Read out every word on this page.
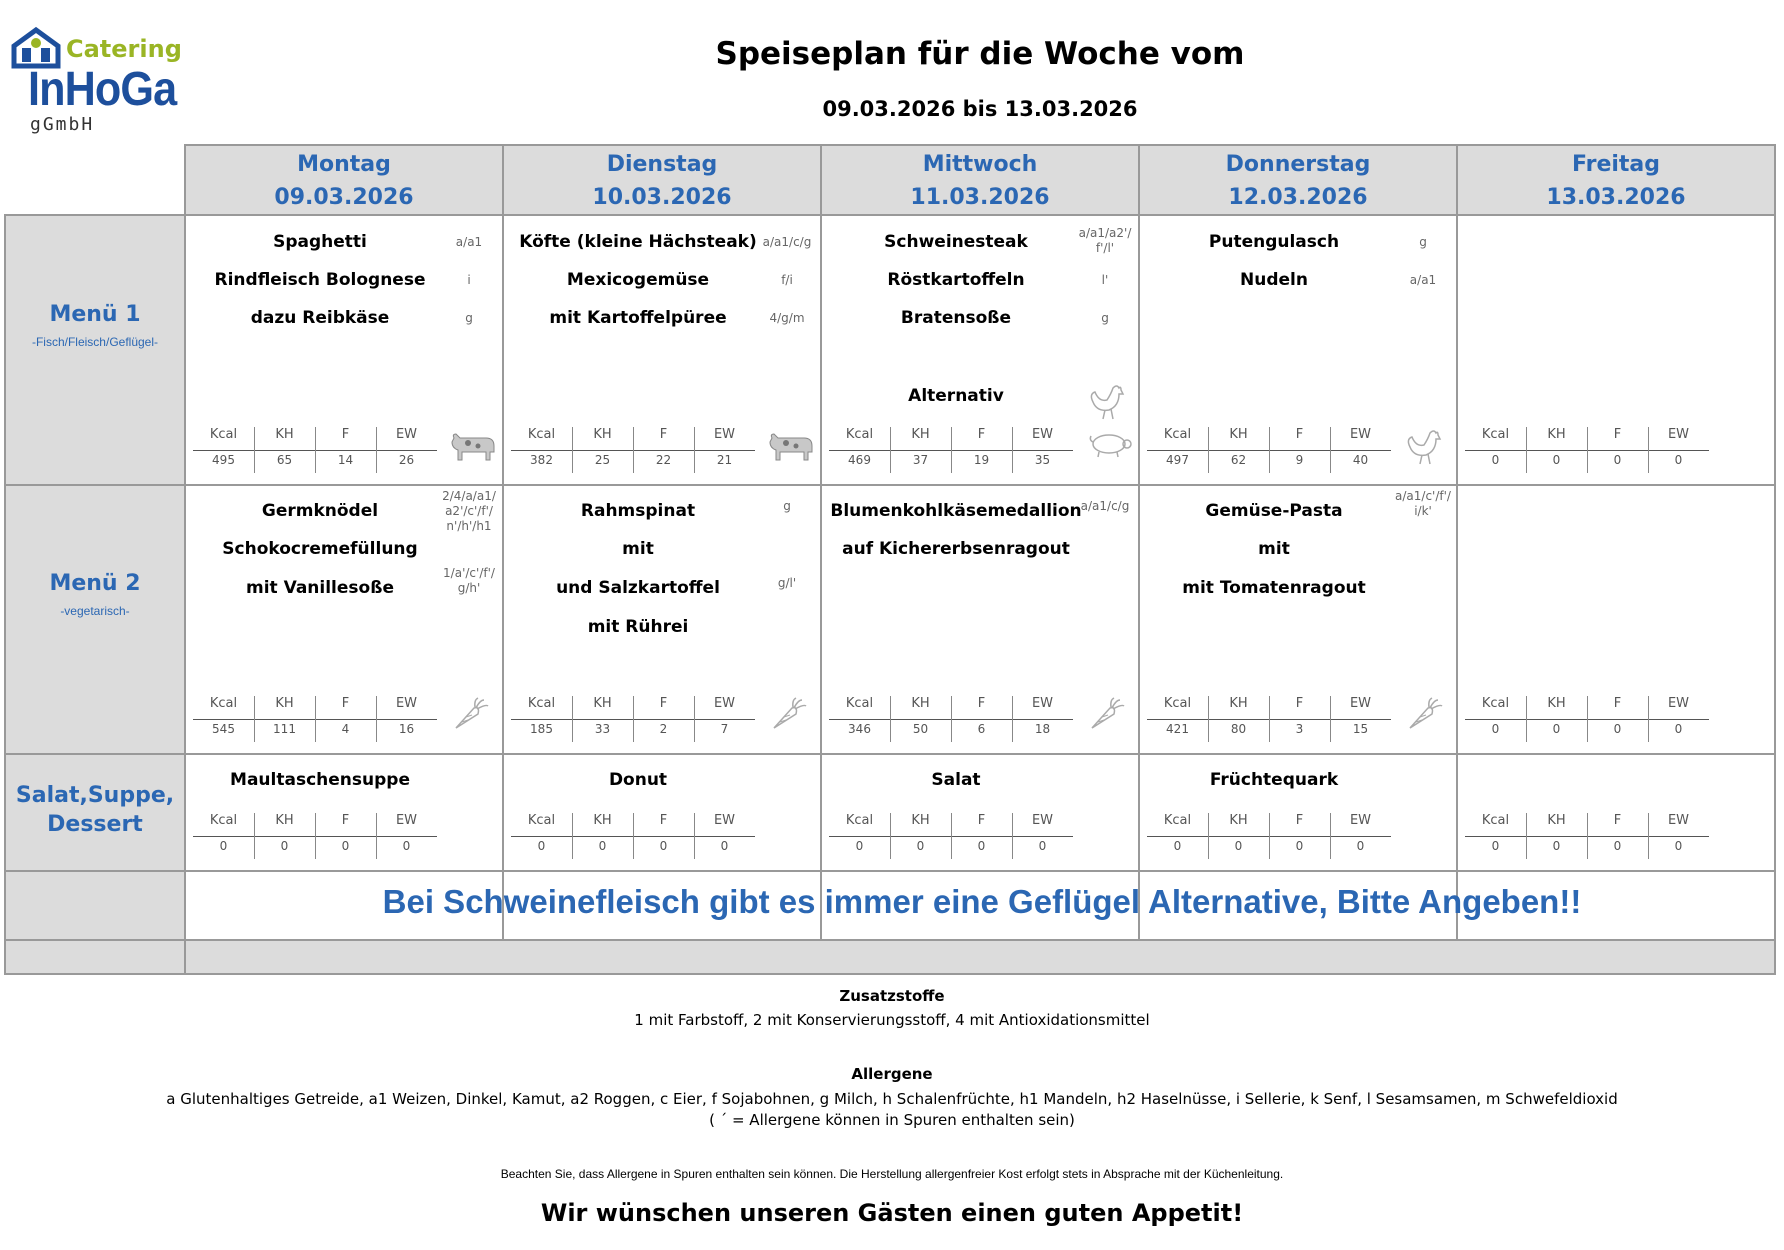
Catering
InHoGa
gGmbH
Speiseplan für die Woche vom
09.03.2026 bis 13.03.2026
Montag
09.03.2026
Dienstag
10.03.2026
Mittwoch
11.03.2026
Donnerstag
12.03.2026
Freitag
13.03.2026
Menü 1
-Fisch/Fleisch/Geflügel-
Menü 2
-vegetarisch-
Salat,Suppe,
Dessert
Spaghetti
Rindfleisch Bolognese
dazu Reibkäse
a/a1
i
g
Kcal
495
KH
65
F
14
EW
26
Köfte (kleine Hächsteak)
Mexicogemüse
mit Kartoffelpüree
a/a1/c/g
f/i
4/g/m
Kcal
382
KH
25
F
22
EW
21
Schweinesteak
Röstkartoffeln
Bratensoße
a/a1/a2'/f'/l'
l'
g
Alternativ
Kcal
469
KH
37
F
19
EW
35
Putengulasch
Nudeln
g
a/a1
Kcal
497
KH
62
F
9
EW
40
Kcal
0
KH
0
F
0
EW
0
Germknödel
Schokocremefüllung
mit Vanillesoße
2/4/a/a1/a2'/c'/f'/n'/h'/h1
1/a'/c'/f'/g/h'
Kcal
545
KH
111
F
4
EW
16
Rahmspinat
mit
und Salzkartoffel
mit Rührei
g
g/l'
Kcal
185
KH
33
F
2
EW
7
Blumenkohlkäsemedallion
auf Kichererbsenragout
a/a1/c/g
Kcal
346
KH
50
F
6
EW
18
Gemüse-Pasta
mit
mit Tomatenragout
a/a1/c'/f'/i/k'
Kcal
421
KH
80
F
3
EW
15
Kcal
0
KH
0
F
0
EW
0
Maultaschensuppe
Kcal
0
KH
0
F
0
EW
0
Donut
Kcal
0
KH
0
F
0
EW
0
Salat
Kcal
0
KH
0
F
0
EW
0
Früchtequark
Kcal
0
KH
0
F
0
EW
0
Kcal
0
KH
0
F
0
EW
0
Bei Schweinefleisch gibt es immer eine Geflügel Alternative, Bitte Angeben!!
Zusatzstoffe
1 mit Farbstoff, 2 mit Konservierungsstoff, 4 mit Antioxidationsmittel
Allergene
a Glutenhaltiges Getreide, a1 Weizen, Dinkel, Kamut, a2 Roggen, c Eier, f Sojabohnen, g Milch, h Schalenfrüchte, h1 Mandeln, h2 Haselnüsse, i Sellerie, k Senf, l Sesamsamen, m Schwefeldioxid
( ´ = Allergene können in Spuren enthalten sein)
Beachten Sie, dass Allergene in Spuren enthalten sein können. Die Herstellung allergenfreier Kost erfolgt stets in Absprache mit der Küchenleitung.
Wir wünschen unseren Gästen einen guten Appetit!
